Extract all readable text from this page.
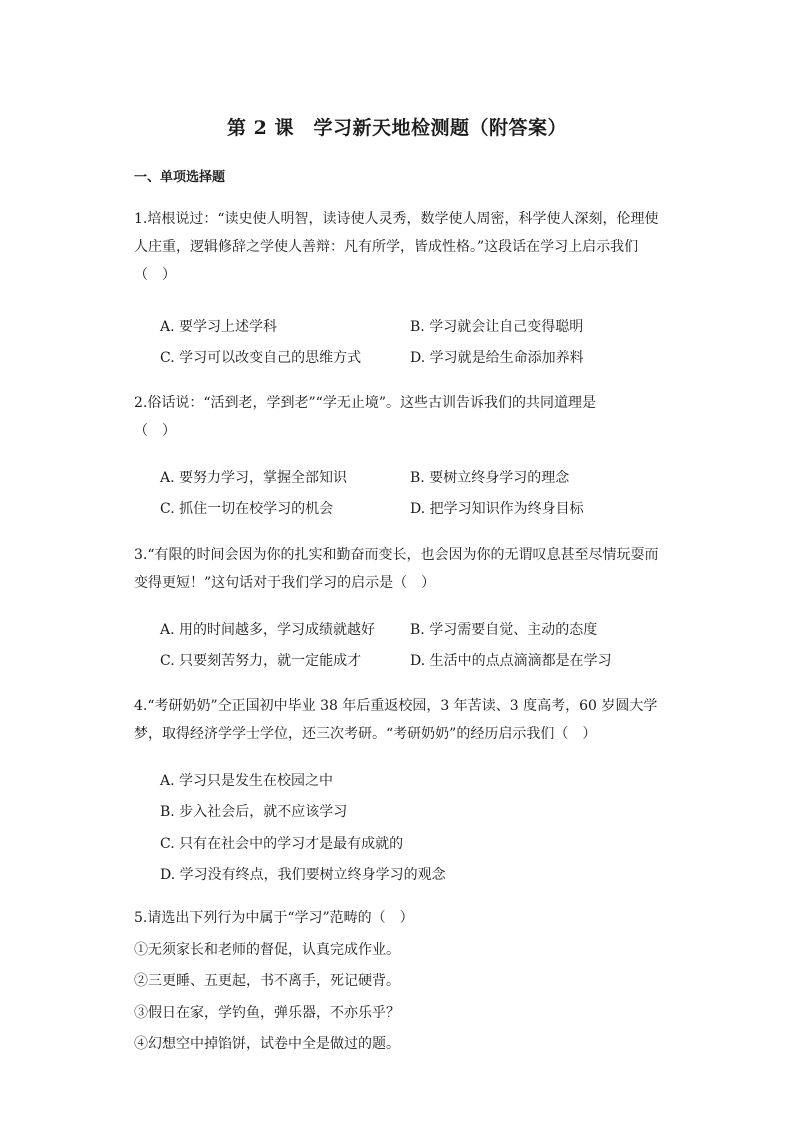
第 2 课　学习新天地检测题（附答案）
一、单项选择题
1.培根说过：“读史使人明智，读诗使人灵秀，数学使人周密，科学使人深刻，伦理使
人庄重，逻辑修辞之学使人善辩：凡有所学，皆成性格。”这段话在学习上启示我们
（　）
A. 要学习上述学科	B. 学习就会让自己变得聪明
C. 学习可以改变自己的思维方式	D. 学习就是给生命添加养料
2.俗话说：“活到老，学到老”“学无止境”。这些古训告诉我们的共同道理是
（　）
A. 要努力学习，掌握全部知识	B. 要树立终身学习的理念
C. 抓住一切在校学习的机会	D. 把学习知识作为终身目标
3.“有限的时间会因为你的扎实和勤奋而变长，也会因为你的无谓叹息甚至尽情玩耍而
变得更短！”这句话对于我们学习的启示是（　）
A. 用的时间越多，学习成绩就越好	B. 学习需要自觉、主动的态度
C. 只要刻苦努力，就一定能成才	D. 生活中的点点滴滴都是在学习
4.“考研奶奶”仝正国初中毕业 38 年后重返校园，3 年苦读、3 度高考，60 岁圆大学
梦，取得经济学学士学位，还三次考研。“考研奶奶”的经历启示我们（　）
A. 学习只是发生在校园之中
B. 步入社会后，就不应该学习
C. 只有在社会中的学习才是最有成就的
D. 学习没有终点，我们要树立终身学习的观念
5.请选出下列行为中属于“学习”范畴的（　）
①无须家长和老师的督促，认真完成作业。
②三更睡、五更起，书不离手，死记硬背。
③假日在家，学钓鱼，弹乐器，不亦乐乎？
④幻想空中掉馅饼，试卷中全是做过的题。
